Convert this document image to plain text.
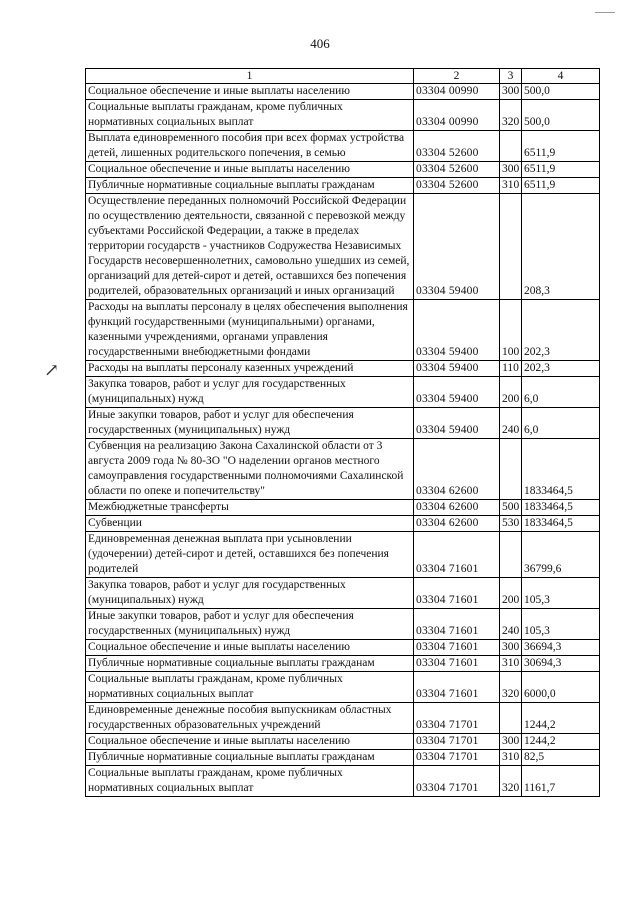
406
↗
1	2	3	4
Социальное обеспечение и иные выплаты населению	03304 00990	300	500,0
Социальные выплаты гражданам, кроме публичных нормативных социальных выплат	03304 00990	320	500,0
Выплата единовременного пособия при всех формах устройства детей, лишенных родительского попечения, в семью	03304 52600		6511,9
Социальное обеспечение и иные выплаты населению	03304 52600	300	6511,9
Публичные нормативные социальные выплаты гражданам	03304 52600	310	6511,9
Осуществление переданных полномочий Российской Федерации по осуществлению деятельности, связанной с перевозкой между субъектами Российской Федерации, а также в пределах территории государств - участников Содружества Независимых Государств несовершеннолетних, самовольно ушедших из семей, организаций для детей-сирот и детей, оставшихся без попечения родителей, образовательных организаций и иных организаций	03304 59400		208,3
Расходы на выплаты персоналу в целях обеспечения выполнения функций государственными (муниципальными) органами, казенными учреждениями, органами управления государственными внебюджетными фондами	03304 59400	100	202,3
Расходы на выплаты персоналу казенных учреждений	03304 59400	110	202,3
Закупка товаров, работ и услуг для государственных (муниципальных) нужд	03304 59400	200	6,0
Иные закупки товаров, работ и услуг для обеспечения государственных (муниципальных) нужд	03304 59400	240	6,0
Субвенция на реализацию Закона Сахалинской области от 3 августа 2009 года № 80-ЗО "О наделении органов местного самоуправления государственными полномочиями Сахалинской области по опеке и попечительству"	03304 62600		1833464,5
Межбюджетные трансферты	03304 62600	500	1833464,5
Субвенции	03304 62600	530	1833464,5
Единовременная денежная выплата при усыновлении (удочерении) детей-сирот и детей, оставшихся без попечения родителей	03304 71601		36799,6
Закупка товаров, работ и услуг для государственных (муниципальных) нужд	03304 71601	200	105,3
Иные закупки товаров, работ и услуг для обеспечения государственных (муниципальных) нужд	03304 71601	240	105,3
Социальное обеспечение и иные выплаты населению	03304 71601	300	36694,3
Публичные нормативные социальные выплаты гражданам	03304 71601	310	30694,3
Социальные выплаты гражданам, кроме публичных нормативных социальных выплат	03304 71601	320	6000,0
Единовременные денежные пособия выпускникам областных государственных образовательных учреждений	03304 71701		1244,2
Социальное обеспечение и иные выплаты населению	03304 71701	300	1244,2
Публичные нормативные социальные выплаты гражданам	03304 71701	310	82,5
Социальные выплаты гражданам, кроме публичных нормативных социальных выплат	03304 71701	320	1161,7
